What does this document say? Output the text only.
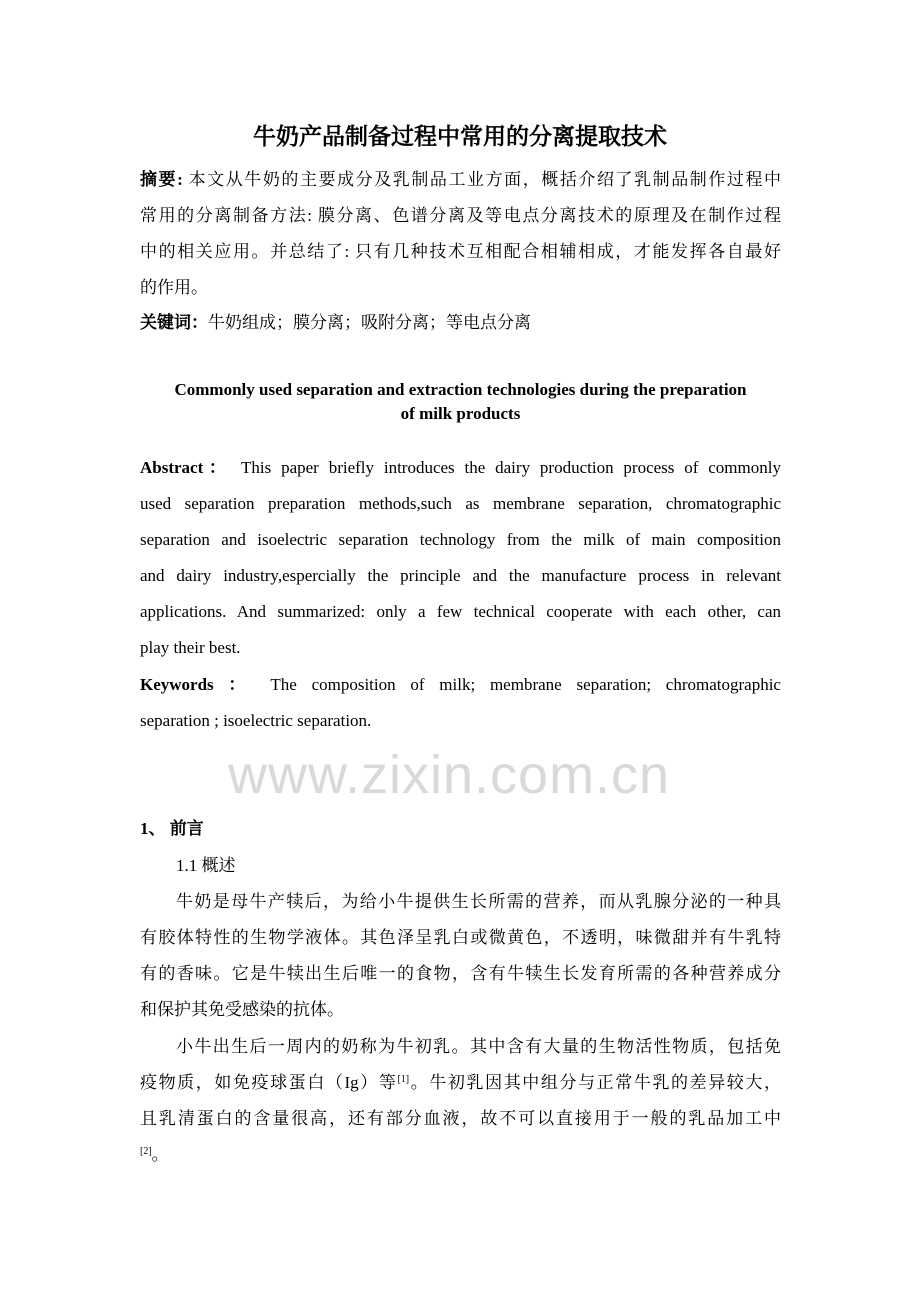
牛奶产品制备过程中常用的分离提取技术
摘要: 本文从牛奶的主要成分及乳制品工业方面，概括介绍了乳制品制作过程中
常用的分离制备方法: 膜分离、色谱分离及等电点分离技术的原理及在制作过程
中的相关应用。并总结了: 只有几种技术互相配合相辅相成，才能发挥各自最好
的作用。
关键词：牛奶组成；膜分离；吸附分离；等电点分离
Commonly used separation and extraction technologies during the preparation
of milk products
Abstract： This paper briefly introduces the dairy production process of commonly
used separation preparation methods,such as membrane separation, chromatographic
separation and isoelectric separation technology from the milk of main composition
and dairy industry,espercially the principle and the manufacture process in relevant
applications. And summarized: only a few technical cooperate with each other, can
play their best.
Keywords ： The composition of milk; membrane separation; chromatographic
separation ; isoelectric separation.
www.zixin.com.cn
1、 前言
1.1 概述
牛奶是母牛产犊后，为给小牛提供生长所需的营养，而从乳腺分泌的一种具
有胶体特性的生物学液体。其色泽呈乳白或微黄色，不透明，味微甜并有牛乳特
有的香味。它是牛犊出生后唯一的食物，含有牛犊生长发育所需的各种营养成分
和保护其免受感染的抗体。
小牛出生后一周内的奶称为牛初乳。其中含有大量的生物活性物质，包括免
疫物质，如免疫球蛋白（Ig）等[1]。牛初乳因其中组分与正常牛乳的差异较大，
且乳清蛋白的含量很高，还有部分血液，故不可以直接用于一般的乳品加工中
[2]。
